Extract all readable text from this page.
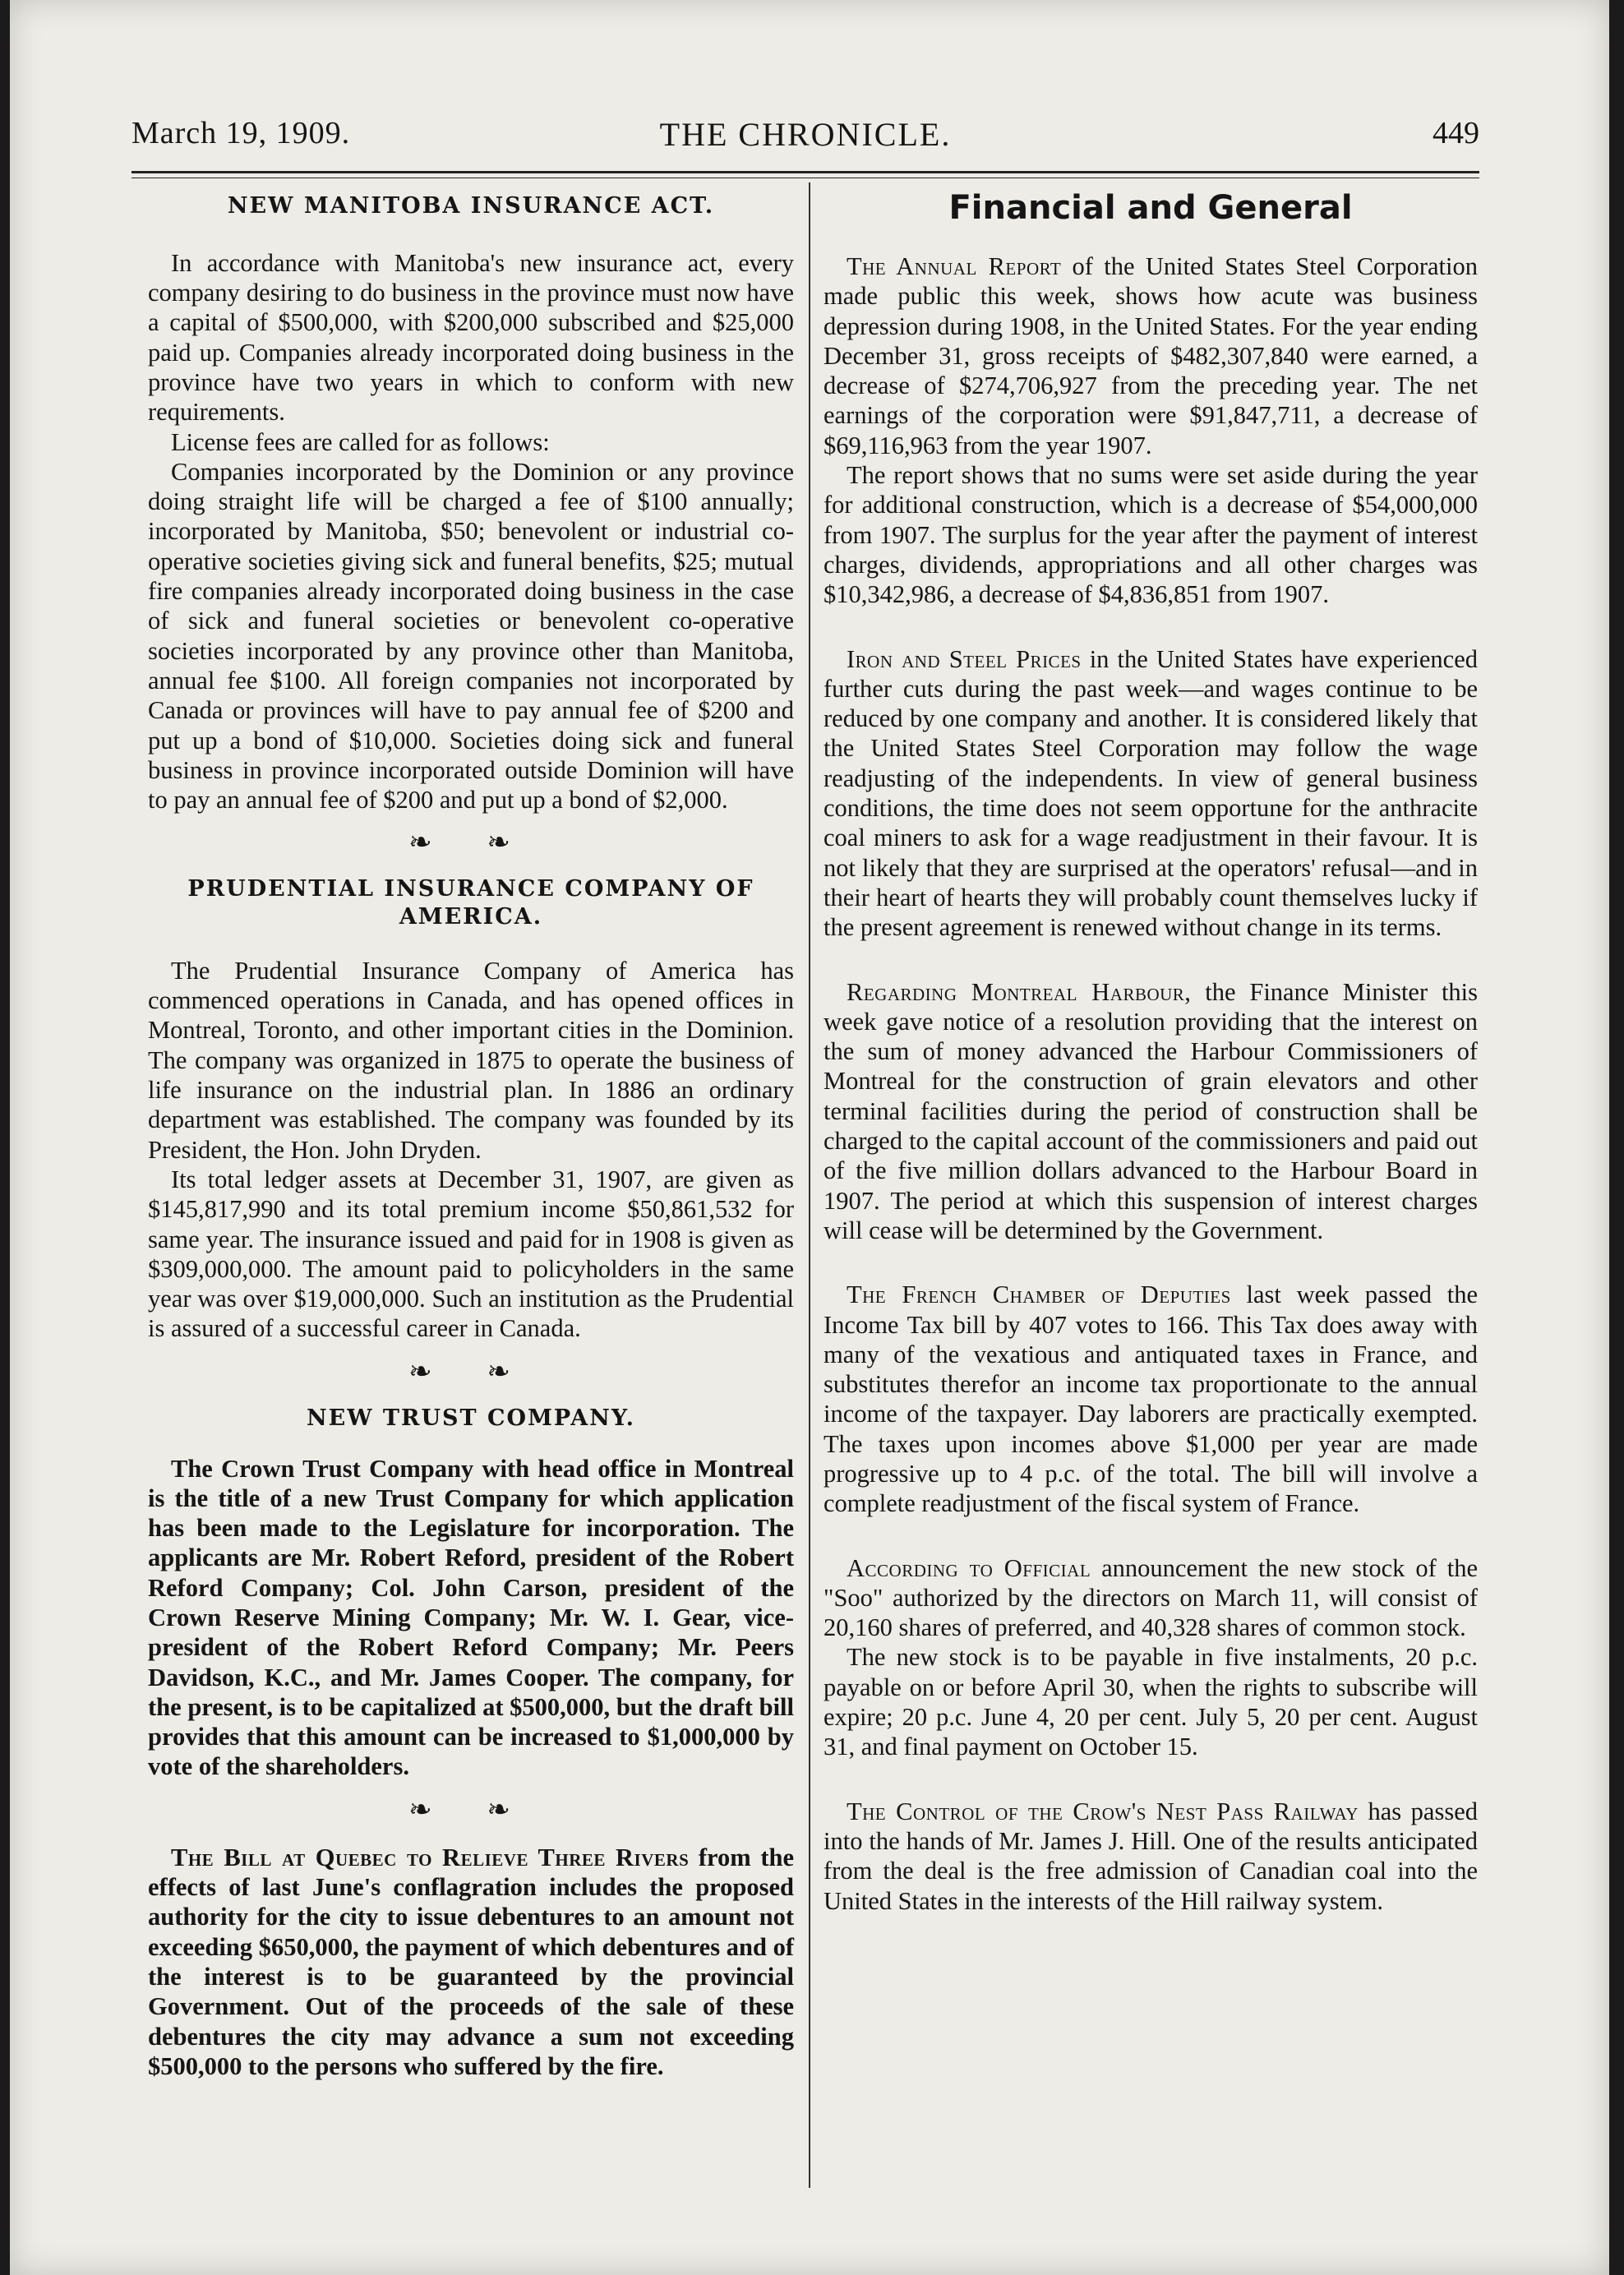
March 19, 1909.	THE CHRONICLE.	449
NEW MANITOBA INSURANCE ACT.

In accordance with Manitoba's new insurance act, every company desiring to do business in the province must now have a capital of $500,000, with $200,000 subscribed and $25,000 paid up. Companies already incorporated doing business in the province have two years in which to conform with new requirements.

License fees are called for as follows:

Companies incorporated by the Dominion or any province doing straight life will be charged a fee of $100 annually; incorporated by Manitoba, $50; benevolent or industrial co-operative societies giving sick and funeral benefits, $25; mutual fire companies already incorporated doing business in the case of sick and funeral societies or benevolent co-operative societies incorporated by any province other than Manitoba, annual fee $100. All foreign companies not incorporated by Canada or provinces will have to pay annual fee of $200 and put up a bond of $10,000. Societies doing sick and funeral business in province incorporated outside Dominion will have to pay an annual fee of $200 and put up a bond of $2,000.

❧ ❧
PRUDENTIAL INSURANCE COMPANY OF AMERICA.

The Prudential Insurance Company of America has commenced operations in Canada, and has opened offices in Montreal, Toronto, and other important cities in the Dominion. The company was organized in 1875 to operate the business of life insurance on the industrial plan. In 1886 an ordinary department was established. The company was founded by its President, the Hon. John Dryden.

Its total ledger assets at December 31, 1907, are given as $145,817,990 and its total premium income $50,861,532 for same year. The insurance issued and paid for in 1908 is given as $309,000,000. The amount paid to policyholders in the same year was over $19,000,000. Such an institution as the Prudential is assured of a successful career in Canada.

❧ ❧
NEW TRUST COMPANY.

The Crown Trust Company with head office in Montreal is the title of a new Trust Company for which application has been made to the Legislature for incorporation. The applicants are Mr. Robert Reford, president of the Robert Reford Company; Col. John Carson, president of the Crown Reserve Mining Company; Mr. W. I. Gear, vice-president of the Robert Reford Company; Mr. Peers Davidson, K.C., and Mr. James Cooper. The company, for the present, is to be capitalized at $500,000, but the draft bill provides that this amount can be increased to $1,000,000 by vote of the shareholders.

❧ ❧

The Bill at Quebec to Relieve Three Rivers from the effects of last June's conflagration includes the proposed authority for the city to issue debentures to an amount not exceeding $650,000, the payment of which debentures and of the interest is to be guaranteed by the provincial Government. Out of the proceeds of the sale of these debentures the city may advance a sum not exceeding $500,000 to the persons who suffered by the fire.

Financial and General

The Annual Report of the United States Steel Corporation made public this week, shows how acute was business depression during 1908, in the United States. For the year ending December 31, gross receipts of $482,307,840 were earned, a decrease of $274,706,927 from the preceding year. The net earnings of the corporation were $91,847,711, a decrease of $69,116,963 from the year 1907.

The report shows that no sums were set aside during the year for additional construction, which is a decrease of $54,000,000 from 1907. The surplus for the year after the payment of interest charges, dividends, appropriations and all other charges was $10,342,986, a decrease of $4,836,851 from 1907.

Iron and Steel Prices in the United States have experienced further cuts during the past week—and wages continue to be reduced by one company and another. It is considered likely that the United States Steel Corporation may follow the wage readjusting of the independents. In view of general business conditions, the time does not seem opportune for the anthracite coal miners to ask for a wage readjustment in their favour. It is not likely that they are surprised at the operators' refusal—and in their heart of hearts they will probably count themselves lucky if the present agreement is renewed without change in its terms.

Regarding Montreal Harbour, the Finance Minister this week gave notice of a resolution providing that the interest on the sum of money advanced the Harbour Commissioners of Montreal for the construction of grain elevators and other terminal facilities during the period of construction shall be charged to the capital account of the commissioners and paid out of the five million dollars advanced to the Harbour Board in 1907. The period at which this suspension of interest charges will cease will be determined by the Government.

The French Chamber of Deputies last week passed the Income Tax bill by 407 votes to 166. This Tax does away with many of the vexatious and antiquated taxes in France, and substitutes therefor an income tax proportionate to the annual income of the taxpayer. Day laborers are practically exempted. The taxes upon incomes above $1,000 per year are made progressive up to 4 p.c. of the total. The bill will involve a complete readjustment of the fiscal system of France.

According to Official announcement the new stock of the "Soo" authorized by the directors on March 11, will consist of 20,160 shares of preferred, and 40,328 shares of common stock.

The new stock is to be payable in five instalments, 20 p.c. payable on or before April 30, when the rights to subscribe will expire; 20 p.c. June 4, 20 per cent. July 5, 20 per cent. August 31, and final payment on October 15.

The Control of the Crow's Nest Pass Railway has passed into the hands of Mr. James J. Hill. One of the results anticipated from the deal is the free admission of Canadian coal into the United States in the interests of the Hill railway system.
